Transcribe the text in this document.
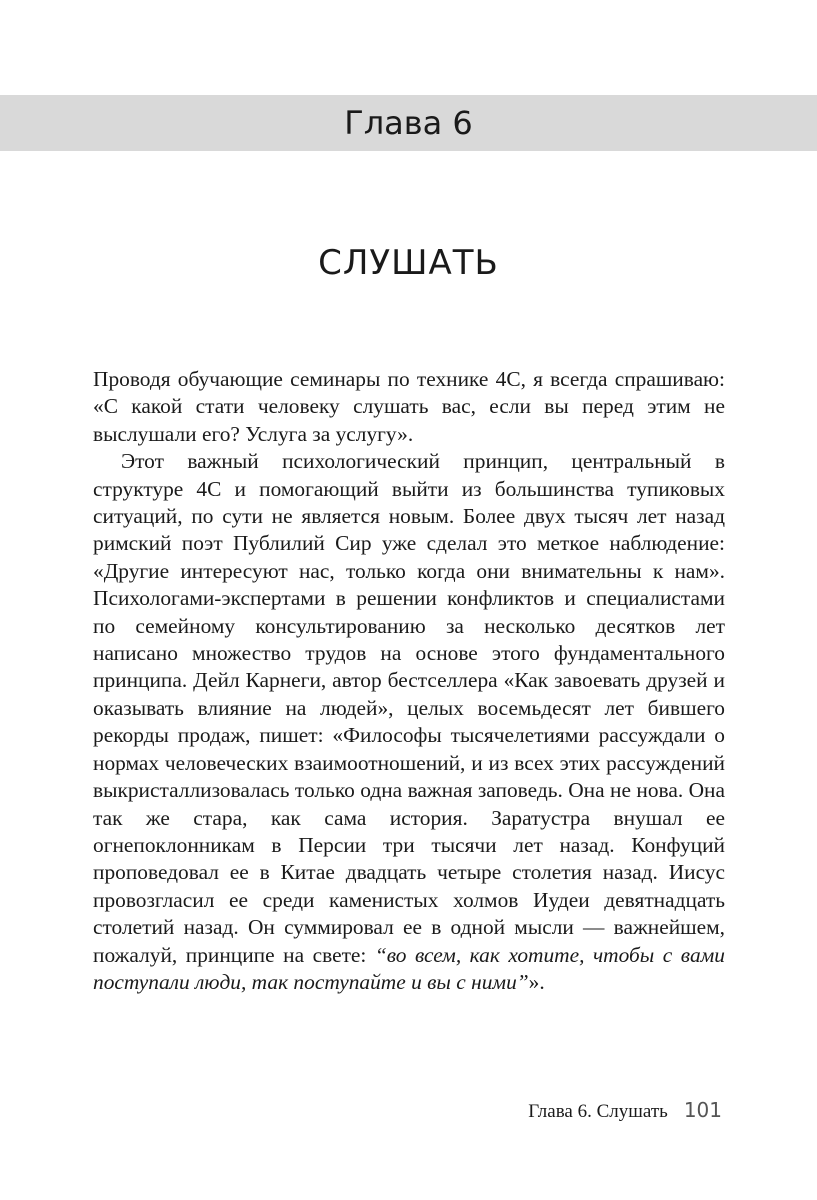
Глава 6
СЛУШАТЬ

Проводя обучающие семинары по технике 4С, я всегда спрашиваю: «С какой стати человеку слушать вас, если вы перед этим не выслушали его? Услуга за услугу».

Этот важный психологический принцип, центральный в структуре 4С и помогающий выйти из большинства тупиковых ситуаций, по сути не является новым. Более двух тысяч лет назад римский поэт Публилий Сир уже сделал это меткое наблюдение: «Другие интересуют нас, только когда они внимательны к нам». Психологами-экспертами в решении конфликтов и специалистами по семейному консультированию за несколько десятков лет написано множество трудов на основе этого фундаментального принципа. Дейл Карнеги, автор бестселлера «Как завоевать друзей и оказывать влияние на людей», целых восемьдесят лет бившего рекорды продаж, пишет: «Философы тысячелетиями рассуждали о нормах человеческих взаимоотношений, и из всех этих рассуждений выкристаллизовалась только одна важная заповедь. Она не нова. Она так же стара, как сама история. Заратустра внушал ее огнепоклонникам в Персии три тысячи лет назад. Конфуций проповедовал ее в Китае двадцать четыре столетия назад. Иисус провозгласил ее среди каменистых холмов Иудеи девятнадцать столетий назад. Он суммировал ее в одной мысли — важнейшем, пожалуй, принципе на свете: “во всем, как хотите, чтобы с вами поступали люди, так поступайте и вы с ними”».

Глава 6. Слушать 101
